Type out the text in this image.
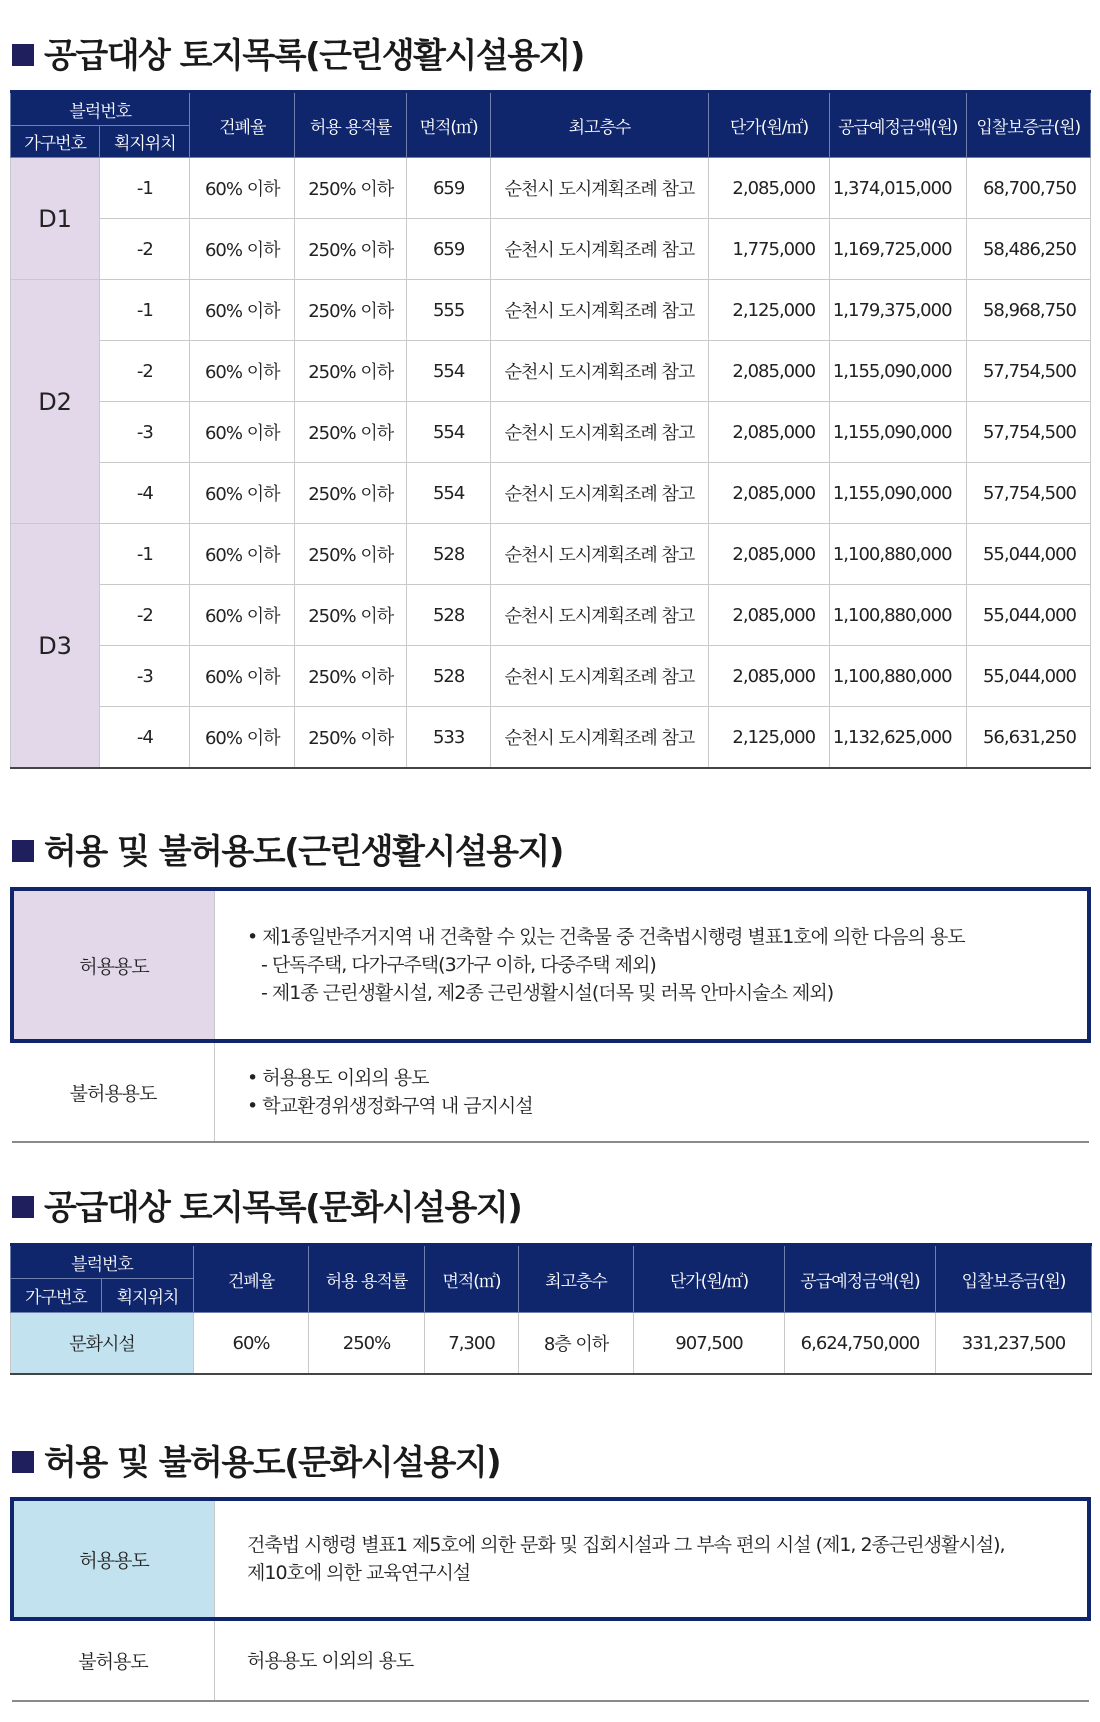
공급대상 토지목록(근린생활시설용지)
블럭번호		건폐율	허용 용적률	면적(㎡)	최고층수	단가(원/㎡)	공급예정금액(원)	입찰보증금(원)
가구번호	획지위치							
D1	-1	60% 이하	250% 이하	659	순천시 도시계획조례 참고	2,085,000	1,374,015,000	68,700,750
	-2	60% 이하	250% 이하	659	순천시 도시계획조례 참고	1,775,000	1,169,725,000	58,486,250
D2	-1	60% 이하	250% 이하	555	순천시 도시계획조례 참고	2,125,000	1,179,375,000	58,968,750
	-2	60% 이하	250% 이하	554	순천시 도시계획조례 참고	2,085,000	1,155,090,000	57,754,500
	-3	60% 이하	250% 이하	554	순천시 도시계획조례 참고	2,085,000	1,155,090,000	57,754,500
	-4	60% 이하	250% 이하	554	순천시 도시계획조례 참고	2,085,000	1,155,090,000	57,754,500
D3	-1	60% 이하	250% 이하	528	순천시 도시계획조례 참고	2,085,000	1,100,880,000	55,044,000
	-2	60% 이하	250% 이하	528	순천시 도시계획조례 참고	2,085,000	1,100,880,000	55,044,000
	-3	60% 이하	250% 이하	528	순천시 도시계획조례 참고	2,085,000	1,100,880,000	55,044,000
	-4	60% 이하	250% 이하	533	순천시 도시계획조례 참고	2,125,000	1,132,625,000	56,631,250
허용 및 불허용도(근린생활시설용지)
허용용도	• 제1종일반주거지역 내 건축할 수 있는 건축물 중 건축법시행령 별표1호에 의한 다음의 용도
- 단독주택, 다가구주택(3가구 이하, 다중주택 제외)
- 제1종 근린생활시설, 제2종 근린생활시설(더목 및 러목 안마시술소 제외)

불허용용도	• 허용용도 이외의 용도
• 학교환경위생정화구역 내 금지시설
공급대상 토지목록(문화시설용지)
블럭번호		건폐율	허용 용적률	면적(㎡)	최고층수	단가(원/㎡)	공급예정금액(원)	입찰보증금(원)
가구번호	획지위치							
문화시설		60%	250%	7,300	8층 이하	907,500	6,624,750,000	331,237,500
허용 및 불허용도(문화시설용지)
허용용도	건축법 시행령 별표1 제5호에 의한 문화 및 집회시설과 그 부속 편의 시설 (제1, 2종근린생활시설),
제10호에 의한 교육연구시설

불허용도	허용용도 이외의 용도
